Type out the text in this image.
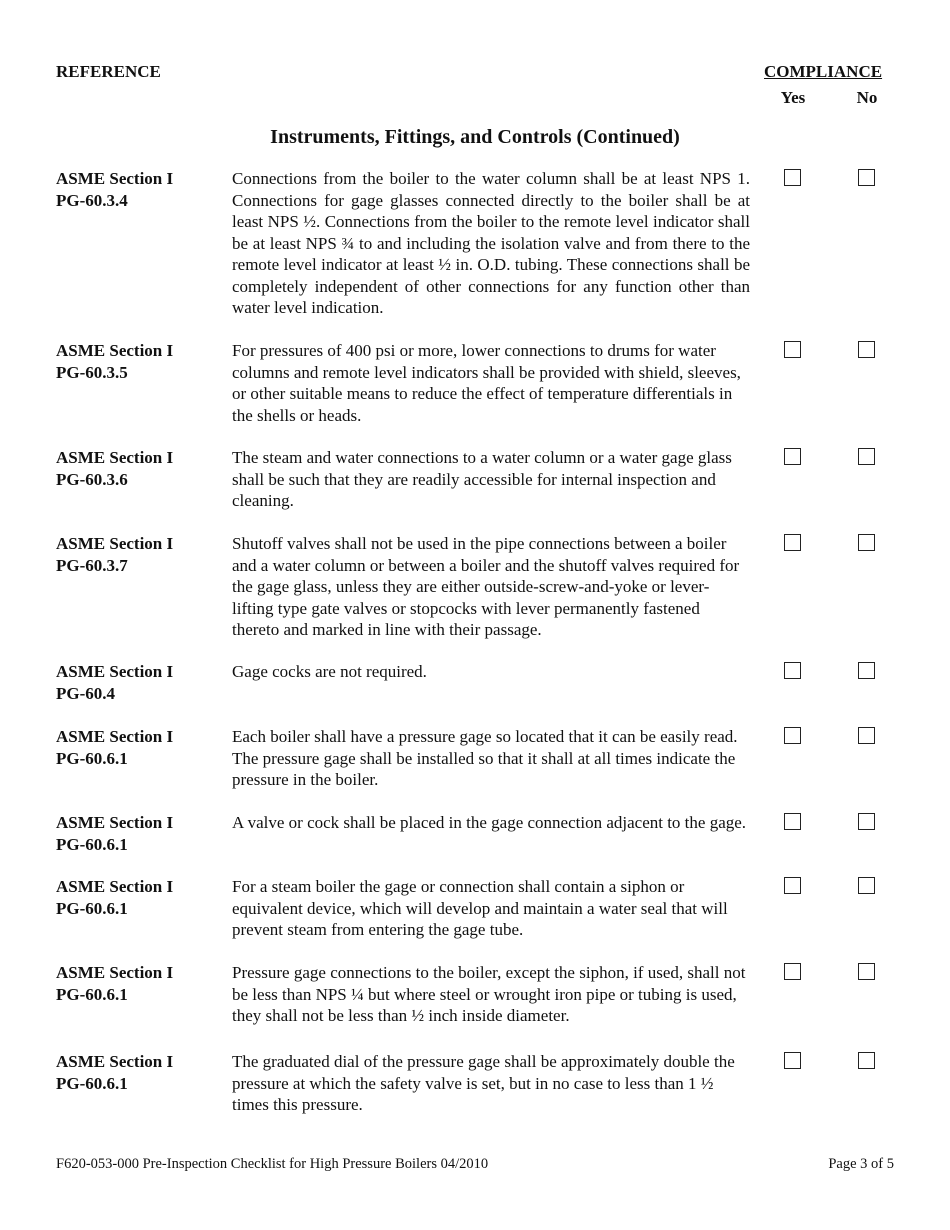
REFERENCE	COMPLIANCE
Yes	No
Instruments, Fittings, and Controls (Continued)
ASME Section I
PG-60.3.4
Connections from the boiler to the water column shall be at least NPS 1. Connections for gage glasses connected directly to the boiler shall be at least NPS ½. Connections from the boiler to the remote level indicator shall be at least NPS ¾ to and including the isolation valve and from there to the remote level indicator at least ½ in. O.D. tubing. These connections shall be completely independent of other connections for any function other than water level indication.
ASME Section I
PG-60.3.5
For pressures of 400 psi or more, lower connections to drums for water columns and remote level indicators shall be provided with shield, sleeves, or other suitable means to reduce the effect of temperature differentials in the shells or heads.
ASME Section I
PG-60.3.6
The steam and water connections to a water column or a water gage glass shall be such that they are readily accessible for internal inspection and cleaning.
ASME Section I
PG-60.3.7
Shutoff valves shall not be used in the pipe connections between a boiler and a water column or between a boiler and the shutoff valves required for the gage glass, unless they are either outside-screw-and-yoke or lever-lifting type gate valves or stopcocks with lever permanently fastened thereto and marked in line with their passage.
ASME Section I
PG-60.4
Gage cocks are not required.
ASME Section I
PG-60.6.1
Each boiler shall have a pressure gage so located that it can be easily read. The pressure gage shall be installed so that it shall at all times indicate the pressure in the boiler.
ASME Section I
PG-60.6.1
A valve or cock shall be placed in the gage connection adjacent to the gage.
ASME Section I
PG-60.6.1
For a steam boiler the gage or connection shall contain a siphon or equivalent device, which will develop and maintain a water seal that will prevent steam from entering the gage tube.
ASME Section I
PG-60.6.1
Pressure gage connections to the boiler, except the siphon, if used, shall not be less than NPS ¼ but where steel or wrought iron pipe or tubing is used, they shall not be less than ½ inch inside diameter.
ASME Section I
PG-60.6.1
The graduated dial of the pressure gage shall be approximately double the pressure at which the safety valve is set, but in no case to less than 1 ½ times this pressure.
F620-053-000 Pre-Inspection Checklist for High Pressure Boilers 04/2010	Page 3 of 5
